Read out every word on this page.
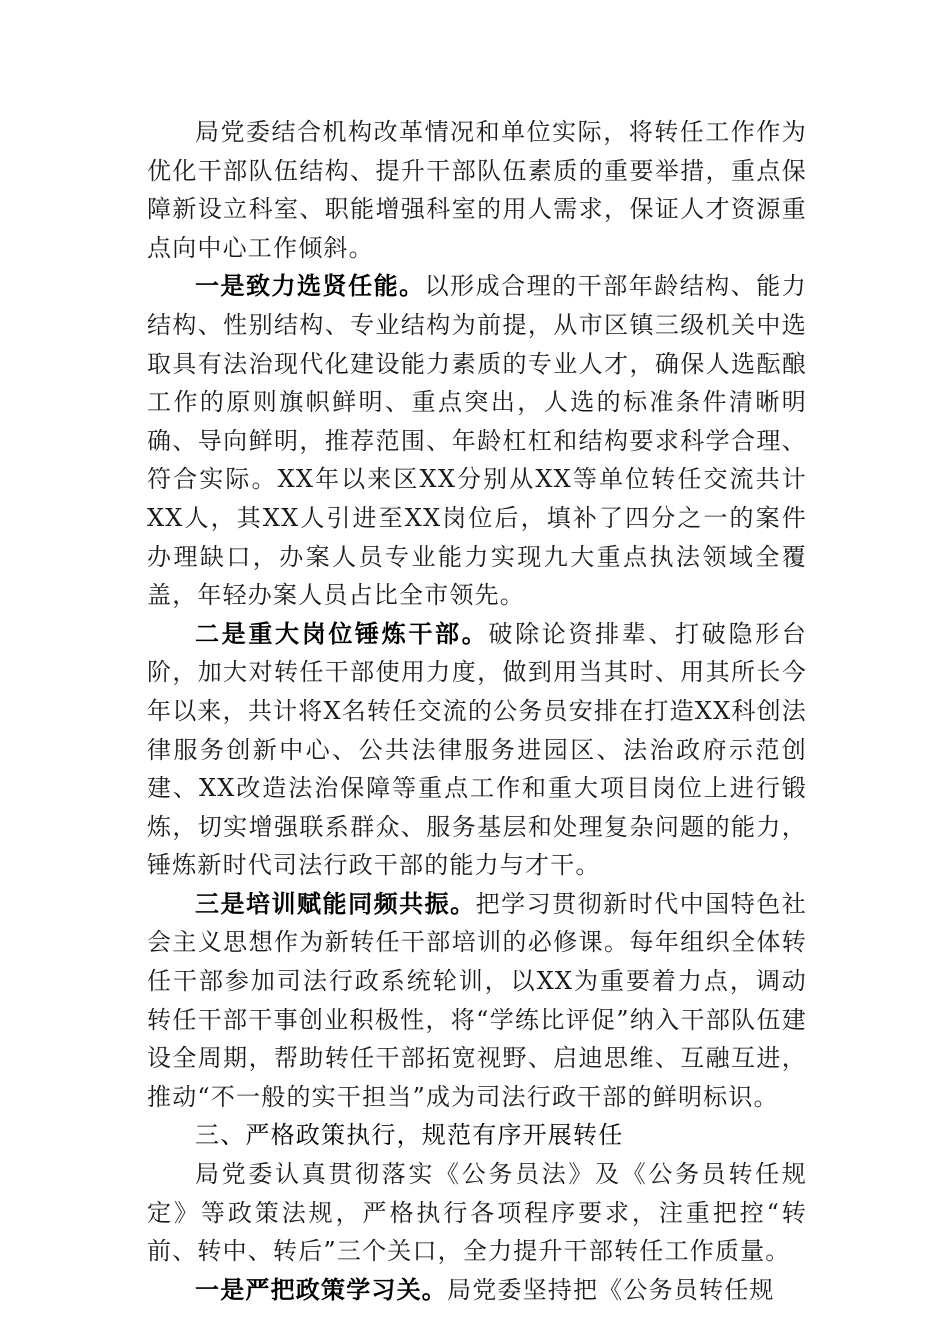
局党委结合机构改革情况和单位实际，将转任工作作为优化干部队伍结构、提升干部队伍素质的重要举措，重点保障新设立科室、职能增强科室的用人需求，保证人才资源重点向中心工作倾斜。

一是致力选贤任能。以形成合理的干部年龄结构、能力结构、性别结构、专业结构为前提，从市区镇三级机关中选取具有法治现代化建设能力素质的专业人才，确保人选酝酿工作的原则旗帜鲜明、重点突出，人选的标准条件清晰明确、导向鲜明，推荐范围、年龄杠杠和结构要求科学合理、符合实际。XX年以来区XX分别从XX等单位转任交流共计XX人，其XX人引进至XX岗位后，填补了四分之一的案件办理缺口，办案人员专业能力实现九大重点执法领域全覆盖，年轻办案人员占比全市领先。

二是重大岗位锤炼干部。破除论资排辈、打破隐形台阶，加大对转任干部使用力度，做到用当其时、用其所长今年以来，共计将X名转任交流的公务员安排在打造XX科创法律服务创新中心、公共法律服务进园区、法治政府示范创建、XX改造法治保障等重点工作和重大项目岗位上进行锻炼，切实增强联系群众、服务基层和处理复杂问题的能力，锤炼新时代司法行政干部的能力与才干。

三是培训赋能同频共振。把学习贯彻新时代中国特色社会主义思想作为新转任干部培训的必修课。每年组织全体转任干部参加司法行政系统轮训，以XX为重要着力点，调动转任干部干事创业积极性，将“学练比评促”纳入干部队伍建设全周期，帮助转任干部拓宽视野、启迪思维、互融互进，推动“不一般的实干担当”成为司法行政干部的鲜明标识。

三、严格政策执行，规范有序开展转任

局党委认真贯彻落实《公务员法》及《公务员转任规定》等政策法规，严格执行各项程序要求，注重把控“转前、转中、转后”三个关口，全力提升干部转任工作质量。

一是严把政策学习关。局党委坚持把《公务员转任规
